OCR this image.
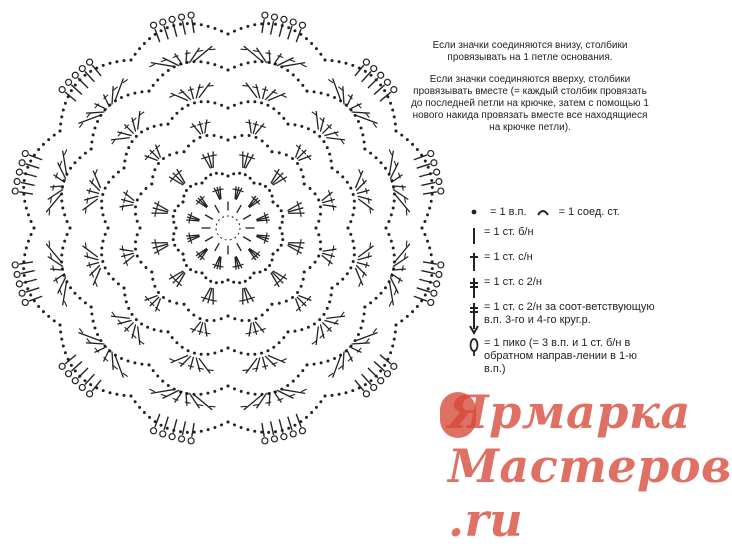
Если значки соединяются внизу, столбики провязывать на 1 петле основания.

Если значки соединяются вверху, столбики провязывать вместе (= каждый столбик провязать до последней петли на крючке, затем с помощью 1 нового накида провязать вместе все находящиеся на крючке петли).

= 1 в.п.	= 1 соед. ст.
= 1 ст. б/н
= 1 ст. с/н
= 1 ст. с 2/н
= 1 ст. с 2/н за соот-ветствующую в.п. 3-го и 4-го круг.р.
= 1 пико (= 3 в.п. и 1 ст. б/н в обратном направ-лении в 1-ю в.п.)
Ярмарка Мастеров .ru
